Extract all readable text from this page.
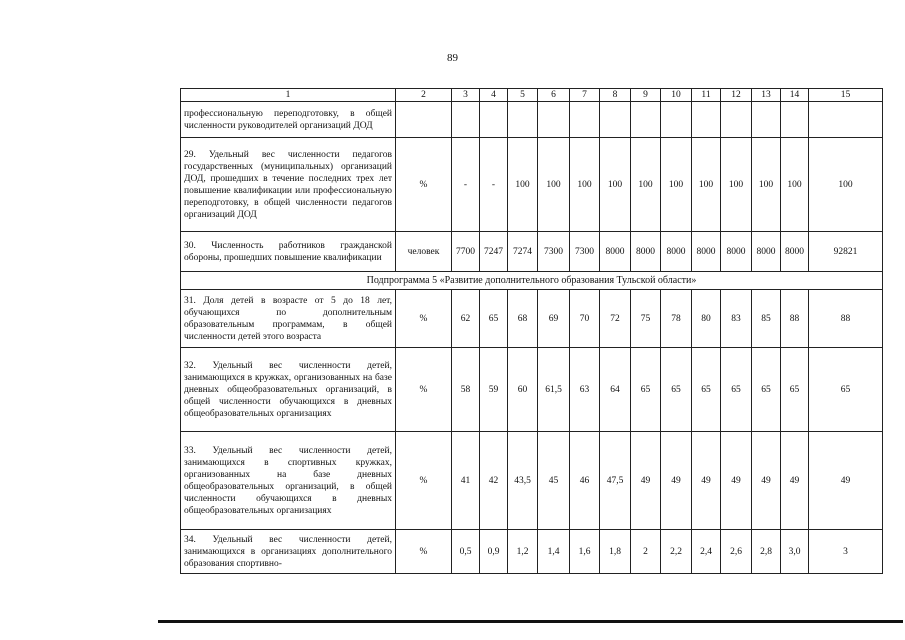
89
1	2	3	4	5	6	7	8	9	10	11	12	13	14	15
профессиональную переподготовку, в общей численности руководителей организаций ДОД														
29. Удельный вес численности педагогов государственных (муниципальных) организаций ДОД, прошедших в течение последних трех лет повышение квалификации или профессиональную переподготовку, в общей численности педагогов организаций ДОД	%	-	-	100	100	100	100	100	100	100	100	100	100	100
30. Численность работников гражданской обороны, прошедших повышение квалификации	человек	7700	7247	7274	7300	7300	8000	8000	8000	8000	8000	8000	8000	92821
Подпрограмма 5 «Развитие дополнительного образования Тульской области»														
31. Доля детей в возрасте от 5 до 18 лет, обучающихся по дополнительным образовательным программам, в общей численности детей этого возраста	%	62	65	68	69	70	72	75	78	80	83	85	88	88
32. Удельный вес численности детей, занимающихся в кружках, организованных на базе дневных общеобразовательных организаций, в общей численности обучающихся в дневных общеобразовательных организациях	%	58	59	60	61,5	63	64	65	65	65	65	65	65	65
33. Удельный вес численности детей, занимающихся в спортивных кружках, организованных на базе дневных общеобразовательных организаций, в общей численности обучающихся в дневных общеобразовательных организациях	%	41	42	43,5	45	46	47,5	49	49	49	49	49	49	49
34. Удельный вес численности детей, занимающихся в организациях дополнительного образования спортивно-	%	0,5	0,9	1,2	1,4	1,6	1,8	2	2,2	2,4	2,6	2,8	3,0	3
